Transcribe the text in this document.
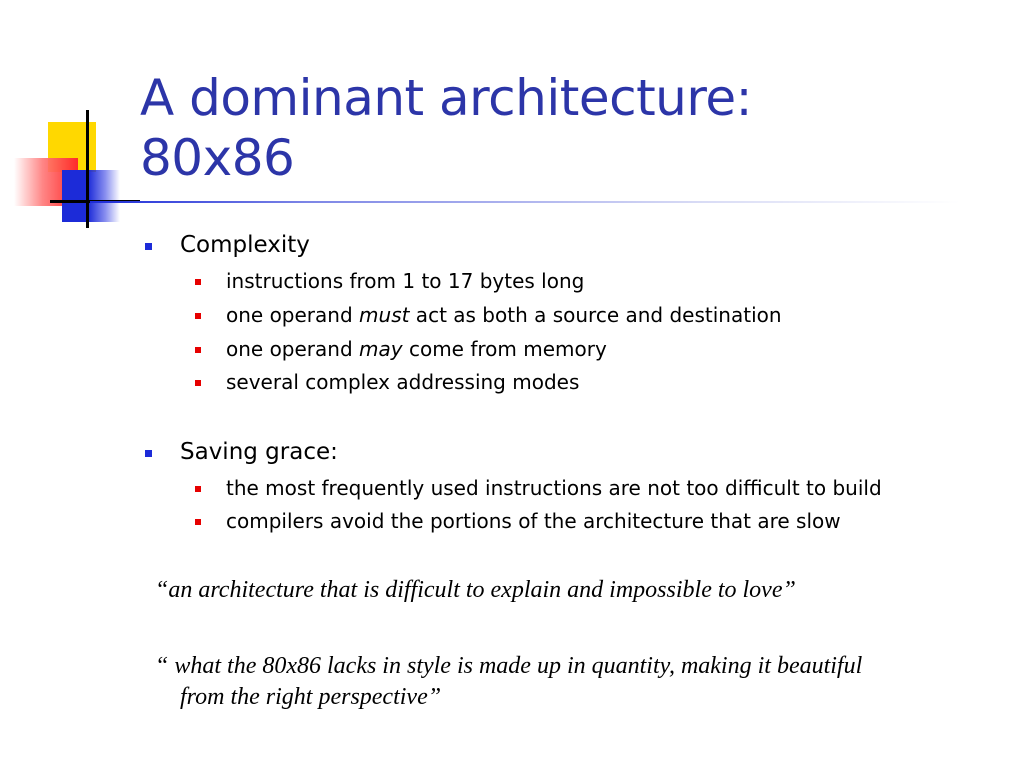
A dominant architecture:
80x86
Complexity
instructions from 1 to 17 bytes long
one operand must act as both a source and destination
one operand may come from memory
several complex addressing modes
Saving grace:
the most frequently used instructions are not too difficult to build
compilers avoid the portions of the architecture that are slow
“an architecture that is difficult to explain and impossible to love”
“ what the 80x86 lacks in style is made up in quantity, making it beautiful
from the right perspective”
